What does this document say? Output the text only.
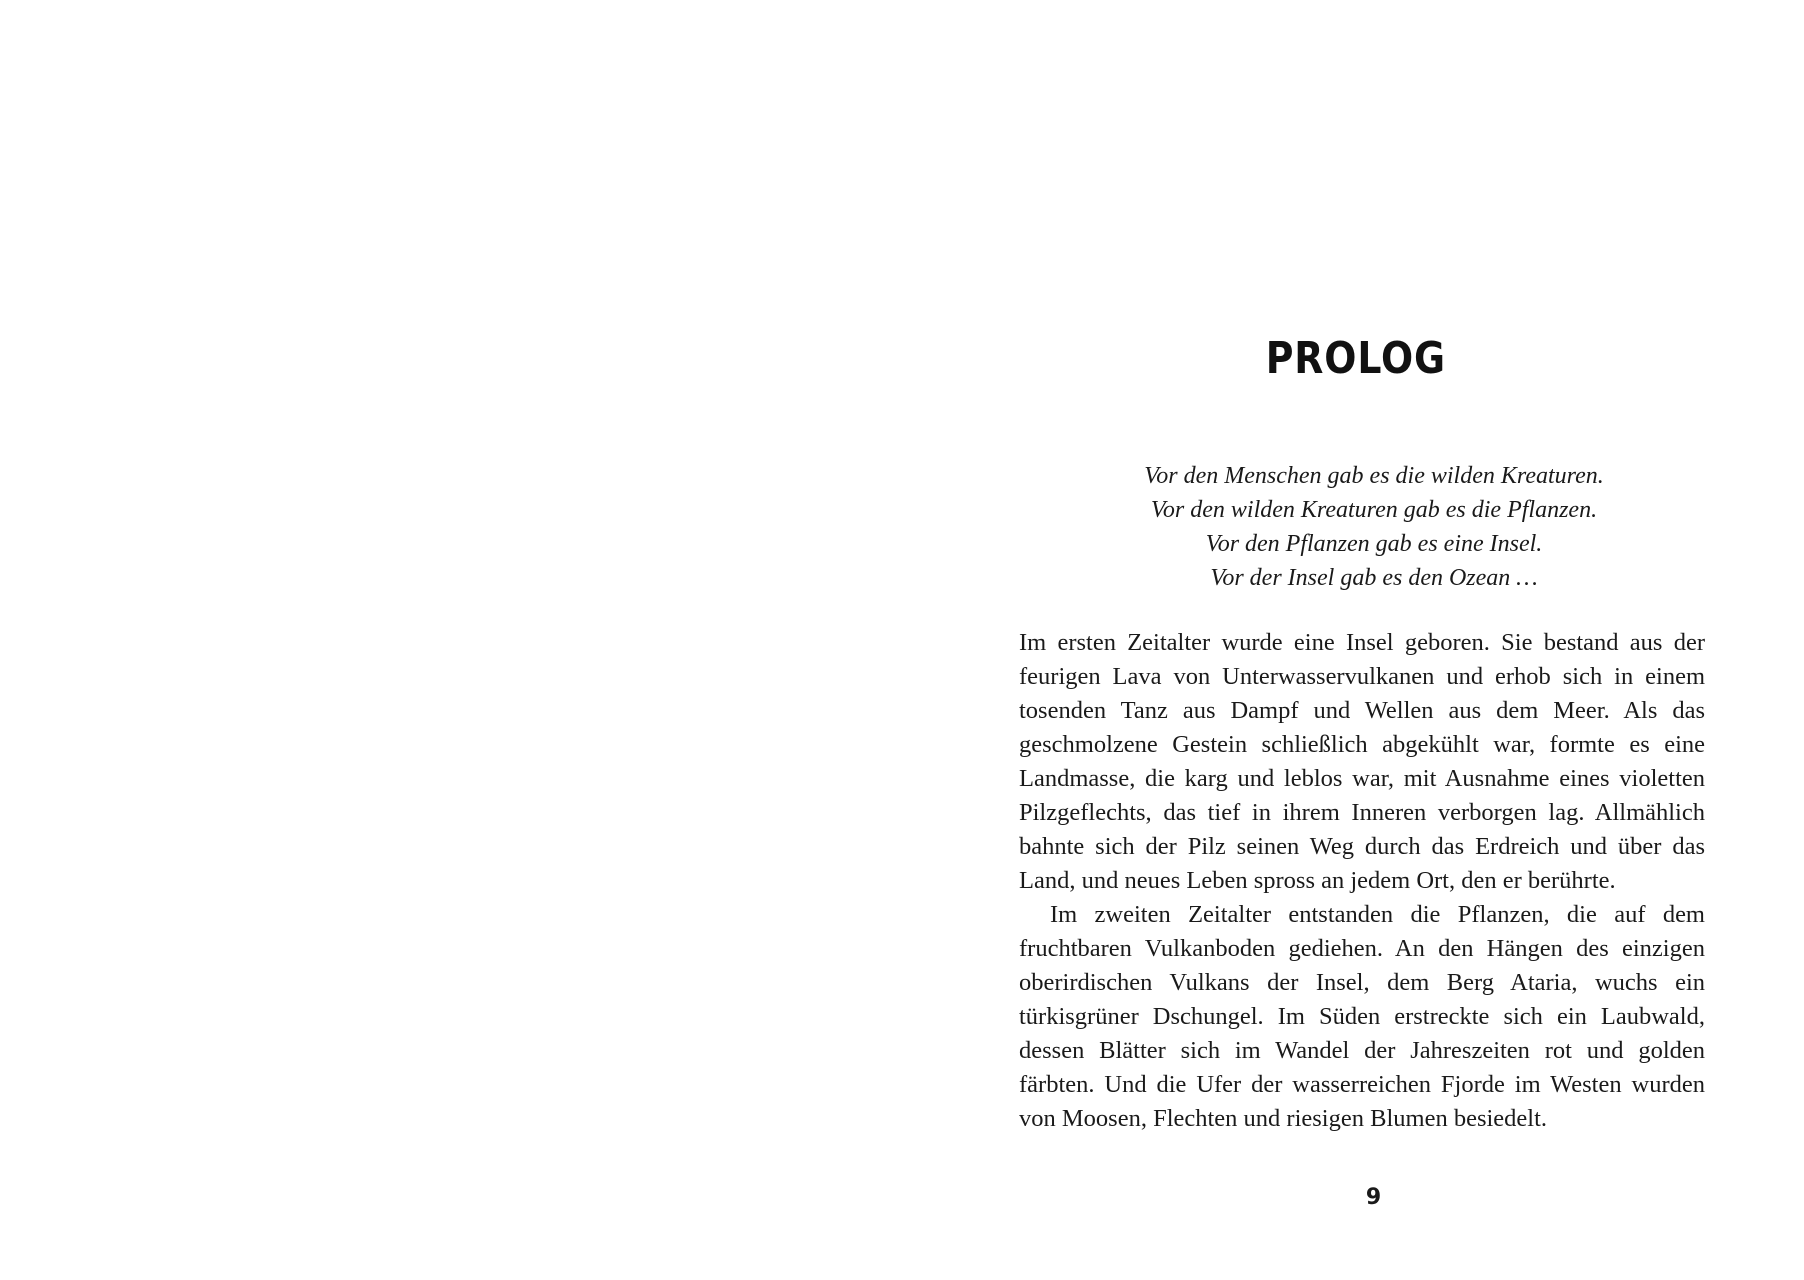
PROLOG
Vor den Menschen gab es die wilden Kreaturen.
Vor den wilden Kreaturen gab es die Pflanzen.
Vor den Pflanzen gab es eine Insel.
Vor der Insel gab es den Ozean …

Im ersten Zeitalter wurde eine Insel geboren. Sie bestand aus der feurigen Lava von Unterwasservulkanen und erhob sich in einem tosenden Tanz aus Dampf und Wellen aus dem Meer. Als das geschmolzene Gestein schließlich abgekühlt war, formte es eine Landmasse, die karg und leblos war, mit Ausnahme eines violetten Pilzgeflechts, das tief in ihrem Inneren verborgen lag. Allmählich bahnte sich der Pilz seinen Weg durch das Erdreich und über das Land, und neues Leben spross an jedem Ort, den er berührte.

Im zweiten Zeitalter entstanden die Pflanzen, die auf dem fruchtbaren Vulkanboden gediehen. An den Hängen des einzigen oberirdischen Vulkans der Insel, dem Berg Ataria, wuchs ein türkisgrüner Dschungel. Im Süden erstreckte sich ein Laubwald, dessen Blätter sich im Wandel der Jahreszeiten rot und golden färbten. Und die Ufer der wasserreichen Fjorde im Westen wurden von Moosen, Flechten und riesigen Blumen besiedelt.

9
